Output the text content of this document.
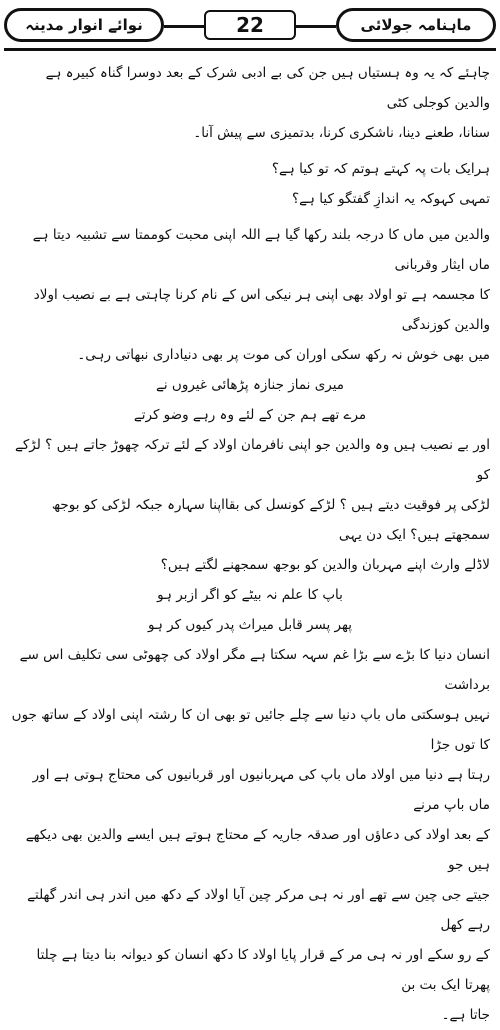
نوائے انوار مدینہ	22	ماہنامہ جولائی

چاہئے کہ یہ وہ ہستیاں ہیں جن کی بے ادبی شرک کے بعد دوسرا گناہ کبیرہ ہے والدین کوجلی کٹی

سنانا، طعنے دینا، ناشکری کرنا، بدتمیزی سے پیش آنا۔

ہرایک بات پہ کہتے ہوتم کہ تو کیا ہے؟

تمہی کہوکہ یہ اندازِ گفتگو کیا ہے؟

والدین میں ماں کا درجہ بلند رکھا گیا ہے اللہ اپنی محبت کوممتا سے تشبیہ دیتا ہے ماں ایثار وقربانی

کا مجسمہ ہے تو اولاد بھی اپنی ہر نیکی اس کے نام کرنا چاہتی ہے بے نصیب اولاد والدین کوزندگی

میں بھی خوش نہ رکھ سکی اوران کی موت پر بھی دنیاداری نبھاتی رہی۔

میری نماز جنازہ پڑھائی غیروں نے

مرے تھے ہم جن کے لئے وہ رہے وضو کرتے

اور بے نصیب ہیں وہ والدین جو اپنی نافرمان اولاد کے لئے ترکہ چھوڑ جاتے ہیں ؟ لڑکے کو

لڑکی پر فوقیت دیتے ہیں ؟ لڑکے کونسل کی بقااپنا سہارہ جبکہ لڑکی کو بوجھ سمجھتے ہیں؟ ایک دن یہی

لاڈلے وارث اپنے مہربان والدین کو بوجھ سمجھنے لگتے ہیں؟

باپ کا علم نہ بیٹے کو اگر ازبر ہو

پھر پسر قابل میراث پدر کیوں کر ہو

انسان دنیا کا بڑے سے بڑا غم سہہ سکتا ہے مگر اولاد کی چھوٹی سی تکلیف اس سے برداشت

نہیں ہوسکتی ماں باپ دنیا سے چلے جائیں تو بھی ان کا رشتہ اپنی اولاد کے ساتھ جوں کا توں جڑا

رہتا ہے دنیا میں اولاد ماں باپ کی مہربانیوں اور قربانیوں کی محتاج ہوتی ہے اور ماں باپ مرنے

کے بعد اولاد کی دعاؤں اور صدقہ جاریہ کے محتاج ہوتے ہیں ایسے والدین بھی دیکھے ہیں جو

جیتے جی چین سے تھے اور نہ ہی مرکر چین آیا اولاد کے دکھ میں اندر ہی اندر گھلتے رہے کھل

کے رو سکے اور نہ ہی مر کے قرار پایا اولاد کا دکھ انسان کو دیوانہ بنا دیتا ہے چلتا پھرتا ایک بت بن

جاتا ہے۔
